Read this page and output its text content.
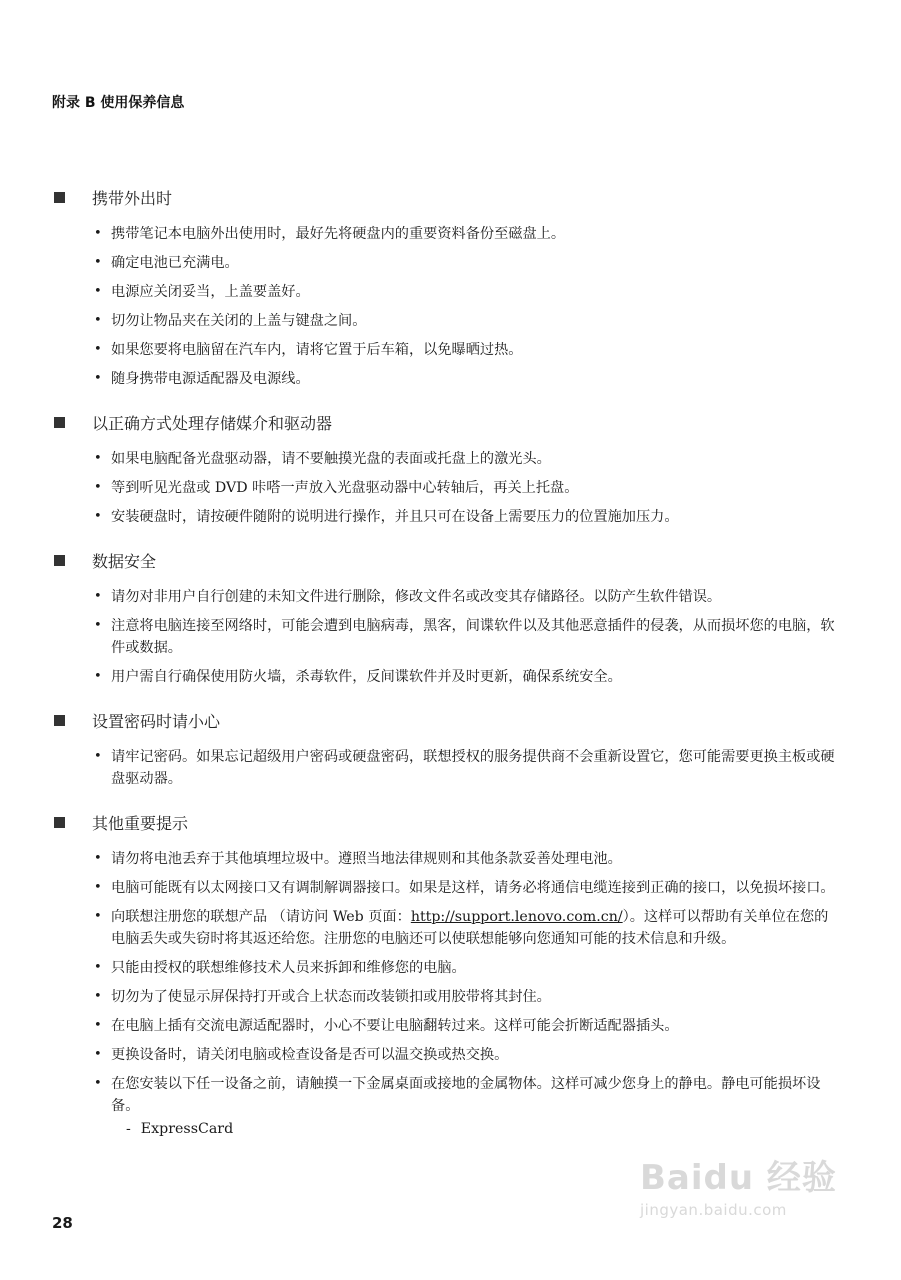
附录 B 使用保养信息
携带外出时
• 携带笔记本电脑外出使用时，最好先将硬盘内的重要资料备份至磁盘上。
• 确定电池已充满电。
• 电源应关闭妥当，上盖要盖好。
• 切勿让物品夹在关闭的上盖与键盘之间。
• 如果您要将电脑留在汽车内，请将它置于后车箱，以免曝晒过热。
• 随身携带电源适配器及电源线。
以正确方式处理存储媒介和驱动器
• 如果电脑配备光盘驱动器，请不要触摸光盘的表面或托盘上的激光头。
• 等到听见光盘或 DVD 咔嗒一声放入光盘驱动器中心转轴后，再关上托盘。
• 安装硬盘时，请按硬件随附的说明进行操作，并且只可在设备上需要压力的位置施加压力。
数据安全
• 请勿对非用户自行创建的未知文件进行删除，修改文件名或改变其存储路径。以防产生软件错误。
• 注意将电脑连接至网络时，可能会遭到电脑病毒，黑客，间谍软件以及其他恶意插件的侵袭，从而损坏您的电脑，软件或数据。
• 用户需自行确保使用防火墙，杀毒软件，反间谍软件并及时更新，确保系统安全。
设置密码时请小心
• 请牢记密码。如果忘记超级用户密码或硬盘密码，联想授权的服务提供商不会重新设置它，您可能需要更换主板或硬盘驱动器。
其他重要提示
• 请勿将电池丢弃于其他填埋垃圾中。遵照当地法律规则和其他条款妥善处理电池。
• 电脑可能既有以太网接口又有调制解调器接口。如果是这样，请务必将通信电缆连接到正确的接口，以免损坏接口。
• 向联想注册您的联想产品 （请访问 Web 页面：http://support.lenovo.com.cn/）。这样可以帮助有关单位在您的电脑丢失或失窃时将其返还给您。注册您的电脑还可以使联想能够向您通知可能的技术信息和升级。
• 只能由授权的联想维修技术人员来拆卸和维修您的电脑。
• 切勿为了使显示屏保持打开或合上状态而改装锁扣或用胶带将其封住。
• 在电脑上插有交流电源适配器时，小心不要让电脑翻转过来。这样可能会折断适配器插头。
• 更换设备时，请关闭电脑或检查设备是否可以温交换或热交换。
• 在您安装以下任一设备之前，请触摸一下金属桌面或接地的金属物体。这样可减少您身上的静电。静电可能损坏设备。
- ExpressCard
28
Baidu 经验
jingyan.baidu.com
